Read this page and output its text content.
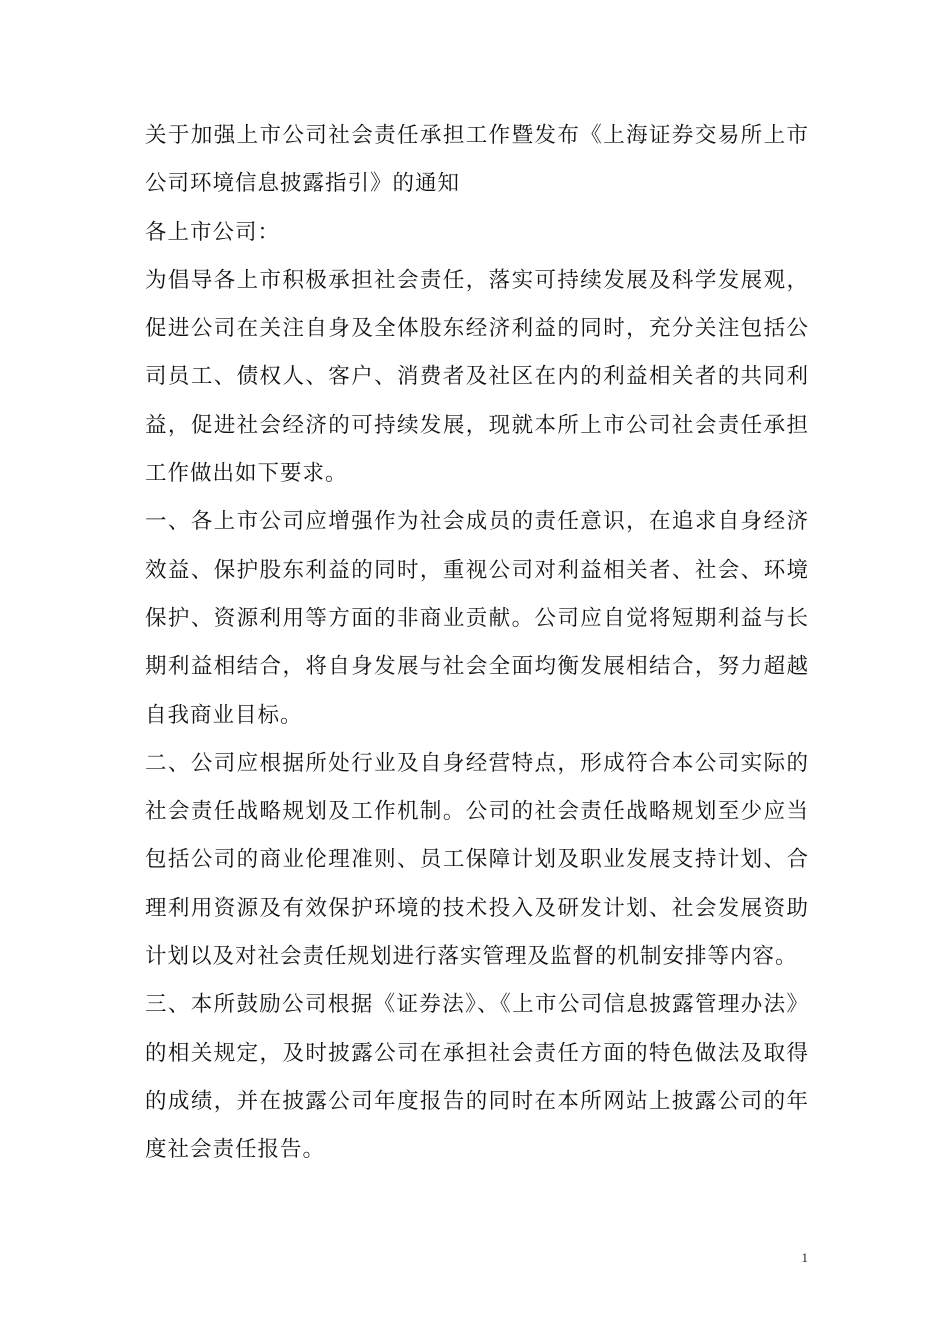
关于加强上市公司社会责任承担工作暨发布《上海证券交易所上市公司环境信息披露指引》的通知

各上市公司：

为倡导各上市积极承担社会责任，落实可持续发展及科学发展观，促进公司在关注自身及全体股东经济利益的同时，充分关注包括公司员工、债权人、客户、消费者及社区在内的利益相关者的共同利益，促进社会经济的可持续发展，现就本所上市公司社会责任承担工作做出如下要求。

一、各上市公司应增强作为社会成员的责任意识，在追求自身经济效益、保护股东利益的同时，重视公司对利益相关者、社会、环境保护、资源利用等方面的非商业贡献。公司应自觉将短期利益与长期利益相结合，将自身发展与社会全面均衡发展相结合，努力超越自我商业目标。

二、公司应根据所处行业及自身经营特点，形成符合本公司实际的社会责任战略规划及工作机制。公司的社会责任战略规划至少应当包括公司的商业伦理准则、员工保障计划及职业发展支持计划、合理利用资源及有效保护环境的技术投入及研发计划、社会发展资助计划以及对社会责任规划进行落实管理及监督的机制安排等内容。

三、本所鼓励公司根据《证券法》、《上市公司信息披露管理办法》的相关规定，及时披露公司在承担社会责任方面的特色做法及取得的成绩，并在披露公司年度报告的同时在本所网站上披露公司的年度社会责任报告。

1
